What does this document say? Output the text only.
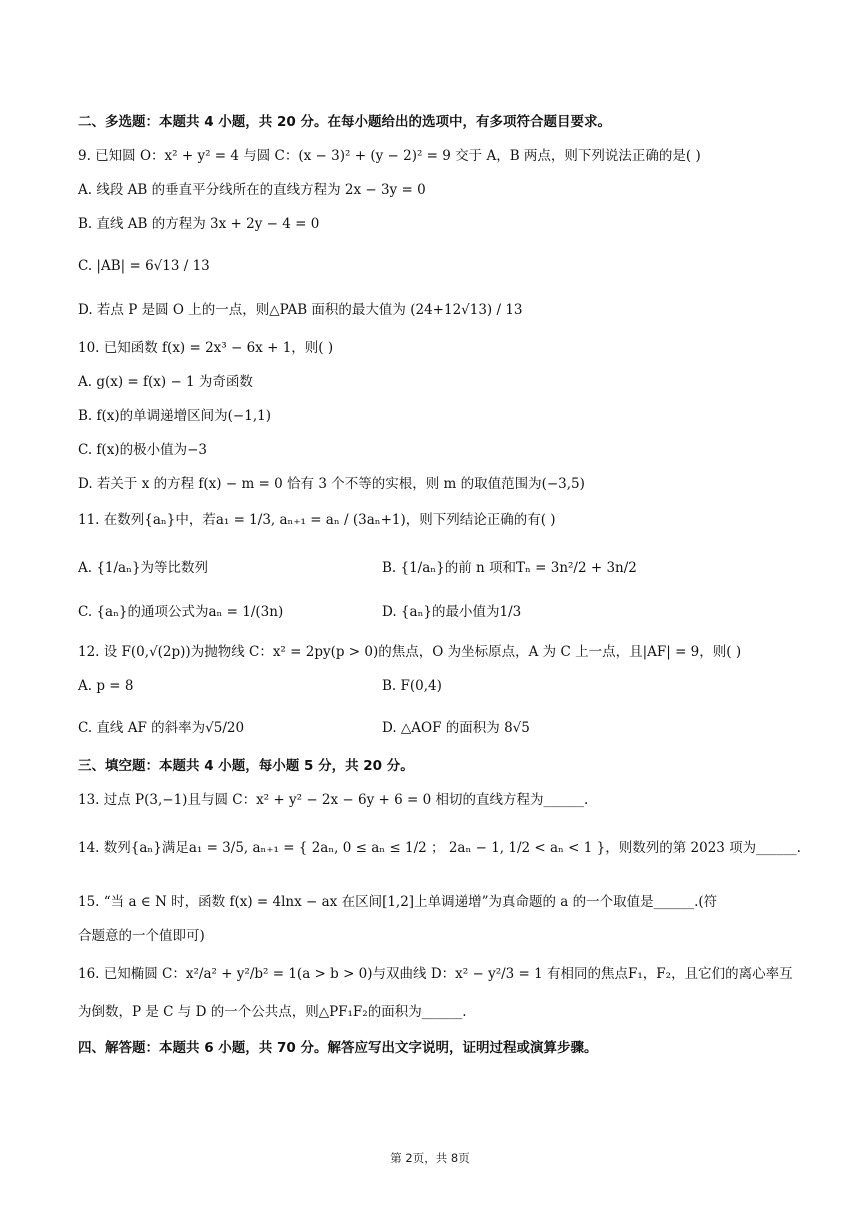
二、多选题：本题共 4 小题，共 20 分。在每小题给出的选项中，有多项符合题目要求。
9. 已知圆 O：x² + y² = 4 与圆 C：(x − 3)² + (y − 2)² = 9 交于 A，B 两点，则下列说法正确的是( )
A. 线段 AB 的垂直平分线所在的直线方程为 2x − 3y = 0
B. 直线 AB 的方程为 3x + 2y − 4 = 0
C. |AB| = 6√13 / 13
D. 若点 P 是圆 O 上的一点，则△PAB 面积的最大值为 (24+12√13) / 13
10. 已知函数 f(x) = 2x³ − 6x + 1，则( )
A. g(x) = f(x) − 1 为奇函数
B. f(x)的单调递增区间为(−1,1)
C. f(x)的极小值为−3
D. 若关于 x 的方程 f(x) − m = 0 恰有 3 个不等的实根，则 m 的取值范围为(−3,5)
11. 在数列{aₙ}中，若a₁ = 1/3, aₙ₊₁ = aₙ / (3aₙ+1)，则下列结论正确的有( )
A. {1/aₙ}为等比数列	B. {1/aₙ}的前 n 项和Tₙ = 3n²/2 + 3n/2
C. {aₙ}的通项公式为aₙ = 1/(3n)	D. {aₙ}的最小值为1/3
12. 设 F(0,√(2p))为抛物线 C：x² = 2py(p > 0)的焦点，O 为坐标原点，A 为 C 上一点，且|AF| = 9，则( )
A. p = 8	B. F(0,4)
C. 直线 AF 的斜率为√5/20	D. △AOF 的面积为 8√5
三、填空题：本题共 4 小题，每小题 5 分，共 20 分。
13. 过点 P(3,−1)且与圆 C：x² + y² − 2x − 6y + 6 = 0 相切的直线方程为______.
14. 数列{aₙ}满足a₁ = 3/5, aₙ₊₁ = { 2aₙ, 0 ≤ aₙ ≤ 1/2 ； 2aₙ − 1, 1/2 < aₙ < 1 }，则数列的第 2023 项为______.
15. “当 a ∈ N 时，函数 f(x) = 4lnx − ax 在区间[1,2]上单调递增”为真命题的 a 的一个取值是______.(符
合题意的一个值即可)
16. 已知椭圆 C：x²/a² + y²/b² = 1(a > b > 0)与双曲线 D：x² − y²/3 = 1 有相同的焦点F₁，F₂，且它们的离心率互
为倒数，P 是 C 与 D 的一个公共点，则△PF₁F₂的面积为______.
四、解答题：本题共 6 小题，共 70 分。解答应写出文字说明，证明过程或演算步骤。
第 2页，共 8页
